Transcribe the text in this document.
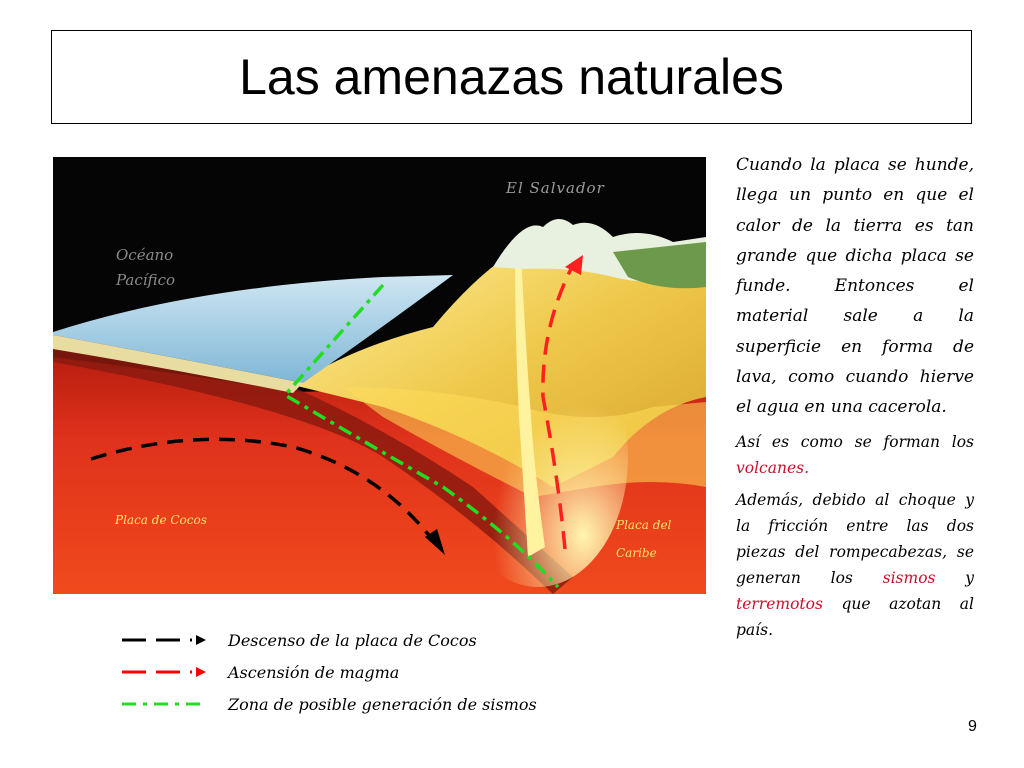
Las amenazas naturales
El Salvador
Océano Pacífico
Placa de Cocos	Placa del Caribe

Cuando la placa se hunde, llega un punto en que el calor de la tierra es tan grande que dicha placa se funde. Entonces el material sale a la superficie en forma de lava, como cuando hierve el agua en una cacerola.

Así es como se forman los volcanes.

Además, debido al choque y la fricción entre las dos piezas del rompecabezas, se generan los sismos y terremotos que azotan al país.

Descenso de la placa de Cocos
Ascensión de magma
Zona de posible generación de sismos
9
